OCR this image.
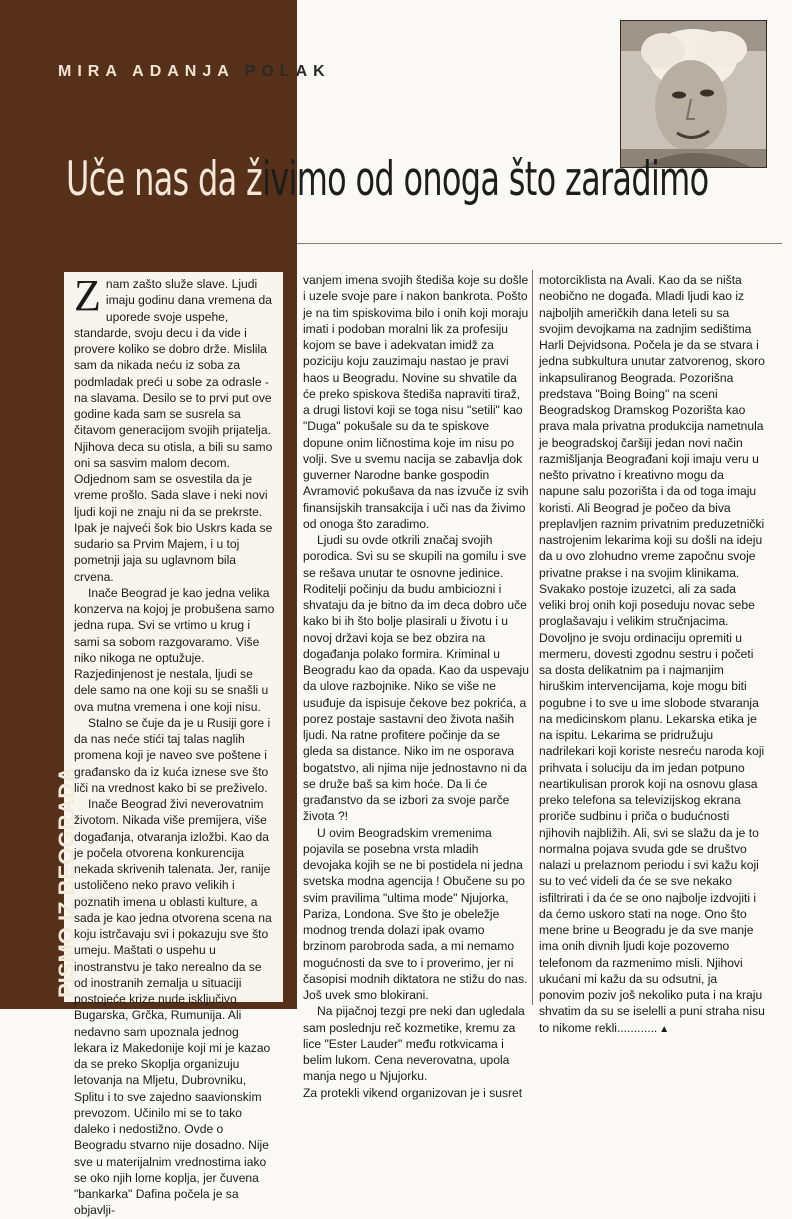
MIRA ADANJA POLAK
Uče nas da živimo od onoga što zaradimo
Z nam zašto služe slave. Ljudi imaju godinu dana vremena da uporede svoje uspehe, standarde, svoju decu i da vide i provere koliko se dobro drže. Mislila sam da nikada neću iz soba za podmladak preći u sobe za odrasle - na slavama. Desilo se to prvi put ove godine kada sam se susrela sa čitavom generacijom svojih prijatelja. Njihova deca su otisla, a bili su samo oni sa sasvim malom decom. Odjednom sam se osvestila da je vreme prošlo. Sada slave i neki novi ljudi koji ne znaju ni da se prekrste. Ipak je najveći šok bio Uskrs kada se sudario sa Prvim Majem, i u toj pometnji jaja su uglavnom bila crvena.

Inače Beograd je kao jedna velika konzerva na kojoj je probušena samo jedna rupa. Svi se vrtimo u krug i sami sa sobom razgovaramo. Više niko nikoga ne optužuje. Razjedinjenost je nestala, ljudi se dele samo na one koji su se snašli u ova mutna vremena i one koji nisu.

Stalno se čuje da je u Rusiji gore i da nas neće stići taj talas naglih promena koji je naveo sve poštene i građansko da iz kuća iznese sve što liči na vrednost kako bi se preživelo.

Inače Beograd živi neverovatnim životom. Nikada više premijera, više događanja, otvaranja izložbi. Kao da je počela otvorena konkurencija nekada skrivenih talenata. Jer, ranije ustoličeno neko pravo velikih i poznatih imena u oblasti kulture, a sada je kao jedna otvorena scena na koju istrčavaju svi i pokazuju sve što umeju. Maštati o uspehu u inostranstvu je tako nerealno da se od inostranih zemalja u situaciji postojeće krize nude isključivo Bugarska, Grčka, Rumunija. Ali nedavno sam upoznala jednog lekara iz Makedonije koji mi je kazao da se preko Skoplja organizuju letovanja na Mljetu, Dubrovniku, Splitu i to sve zajedno saavionskim prevozom. Učinilo mi se to tako daleko i nedostižno. Ovde o Beogradu stvarno nije dosadno. Nije sve u materijalnim vrednostima iako se oko njih lome koplja, jer čuvena "bankarka" Dafina počela je sa objavlji-

vanjem imena svojih štediša koje su došle i uzele svoje pare i nakon bankrota. Pošto je na tim spiskovima bilo i onih koji moraju imati i podoban moralni lik za profesiju kojom se bave i adekvatan imidž za poziciju koju zauzimaju nastao je pravi haos u Beogradu. Novine su shvatile da će preko spiskova štediša napraviti tiraž, a drugi listovi koji se toga nisu "setili" kao "Duga" pokušale su da te spiskove dopune onim ličnostima koje im nisu po volji. Sve u svemu nacija se zabavlja dok guverner Narodne banke gospodin Avramović pokušava da nas izvuče iz svih finansijskih transakcija i uči nas da živimo od onoga što zaradimo.

Ljudi su ovde otkrili značaj svojih porodica. Svi su se skupili na gomilu i sve se rešava unutar te osnovne jedinice. Roditelji počinju da budu ambiciozni i shvataju da je bitno da im deca dobro uče kako bi ih što bolje plasirali u životu i u novoj državi koja se bez obzira na događanja polako formira. Kriminal u Beogradu kao da opada. Kao da uspevaju da ulove razbojnike. Niko se više ne usuđuje da ispisuje čekove bez pokrića, a porez postaje sastavni deo života naših ljudi. Na ratne profitere počinje da se gleda sa distance. Niko im ne osporava bogatstvo, ali njima nije jednostavno ni da se druže baš sa kim hoće. Da li će građanstvo da se izbori za svoje parče života ?!

U ovim Beogradskim vremenima pojavila se posebna vrsta mladih devojaka kojih se ne bi postidela ni jedna svetska modna agencija ! Obučene su po svim pravilima "ultima mode" Njujorka, Pariza, Londona. Sve što je obeležje modnog trenda dolazi ipak ovamo brzinom parobroda sada, a mi nemamo mogućnosti da sve to i proverimo, jer ni časopisi modnih diktatora ne stižu do nas. Još uvek smo blokirani.

Na pijačnoj tezgi pre neki dan ugledala sam poslednju reč kozmetike, kremu za lice "Ester Lauder" među rotkvicama i belim lukom. Cena neverovatna, upola manja nego u Njujorku.

Za protekli vikend organizovan je i susret

motorciklista na Avali. Kao da se ništa neobično ne događa. Mladi ljudi kao iz najboljih američkih dana leteli su sa svojim devojkama na zadnjim sedištima Harli Dejvidsona. Počela je da se stvara i jedna subkultura unutar zatvorenog, skoro inkapsuliranog Beograda. Pozorišna predstava "Boing Boing" na sceni Beogradskog Dramskog Pozorišta kao prava mala privatna produkcija nametnula je beogradskoj čaršiji jedan novi način razmišljanja Beograđani koji imaju veru u nešto privatno i kreativno mogu da napune salu pozorišta i da od toga imaju koristi. Ali Beograd je počeo da biva preplavljen raznim privatnim preduzetnički nastrojenim lekarima koji su došli na ideju da u ovo zlohudno vreme započnu svoje privatne prakse i na svojim klinikama. Svakako postoje izuzetci, ali za sada veliki broj onih koji poseduju novac sebe proglašavaju i velikim stručnjacima. Dovoljno je svoju ordinaciju opremiti u mermeru, dovesti zgodnu sestru i početi sa dosta delikatnim pa i najmanjim hiruškim intervencijama, koje mogu biti pogubne i to sve u ime slobode stvaranja na medicinskom planu. Lekarska etika je na ispitu. Lekarima se pridružuju nadrilekari koji koriste nesreću naroda koji prihvata i soluciju da im jedan potpuno neartikulisan prorok koji na osnovu glasa preko telefona sa televizijskog ekrana proriče sudbinu i priča o budućnosti njihovih najbližih. Ali, svi se slažu da je to normalna pojava svuda gde se društvo nalazi u prelaznom periodu i svi kažu koji su to već videli da će se sve nekako isfiltrirati i da će se ono najbolje izdvojiti i da ćemo uskoro stati na noge. Ono što mene brine u Beogradu je da sve manje ima onih divnih ljudi koje pozovemo telefonom da razmenimo misli. Njihovi ukućani mi kažu da su odsutni, ja ponovim poziv još nekoliko puta i na kraju shvatim da su se iselelli a puni straha nisu to nikome rekli............ ▲

PISMO IZ BEOGRADA
